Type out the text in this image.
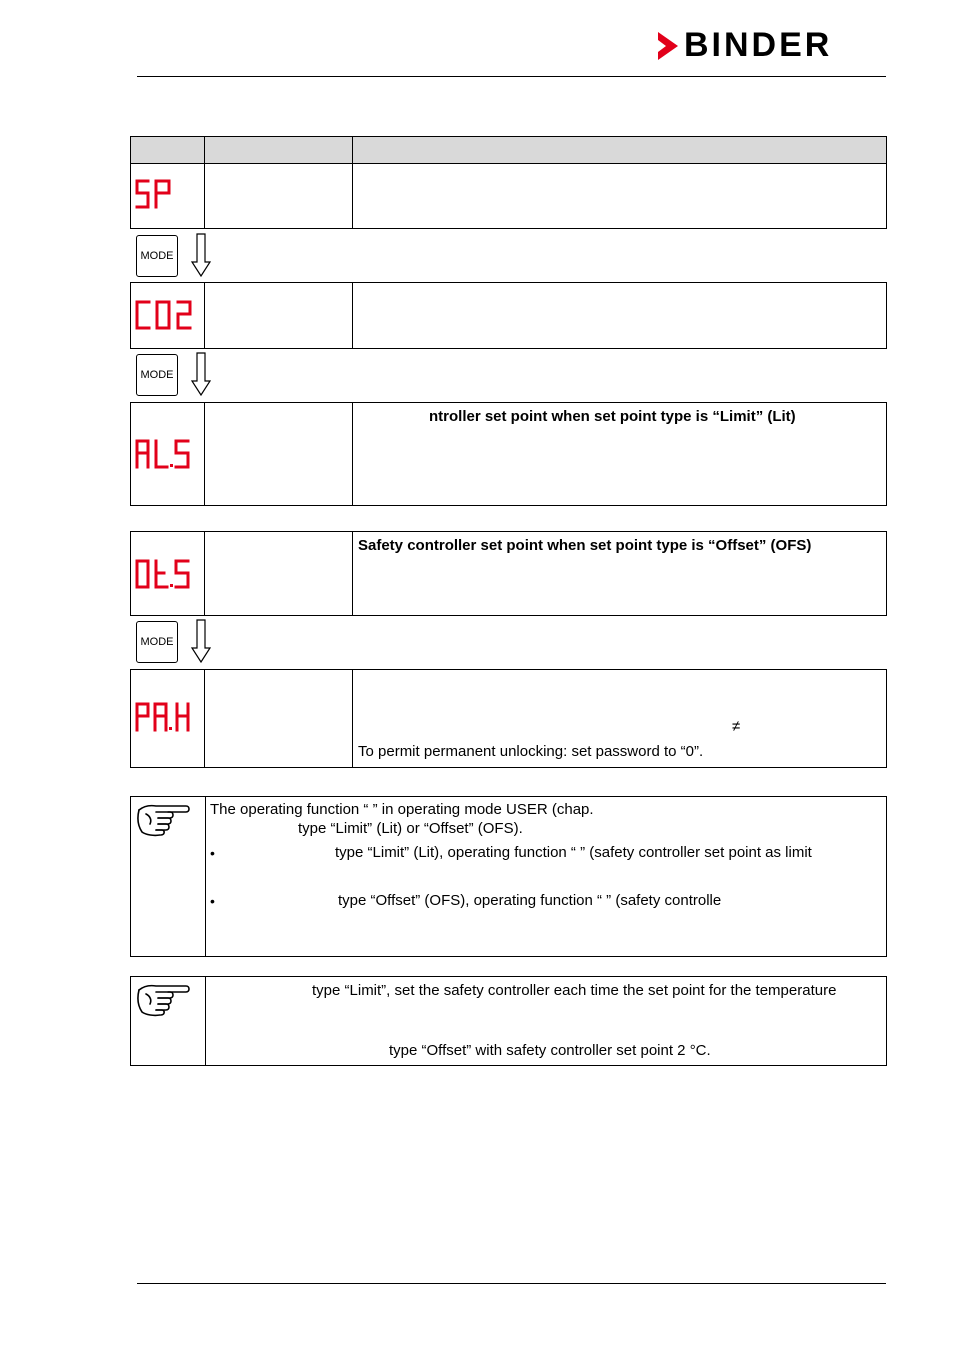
BINDER
MODE
MODE
ntroller set point when set point type is “Limit” (Lit)
Safety controller set point when set point type is “Offset” (OFS)
MODE
≠
To permit permanent unlocking: set password to “0”.
The operating function “ ” in operating mode USER (chap.
type “Limit” (Lit) or “Offset” (OFS).
•	type “Limit” (Lit), operating function “ ” (safety controller set point as limit
•	type “Offset” (OFS), operating function “ ” (safety controlle
type “Limit”, set the safety controller each time the set point for the temperature
type “Offset” with safety controller set point 2 °C.
